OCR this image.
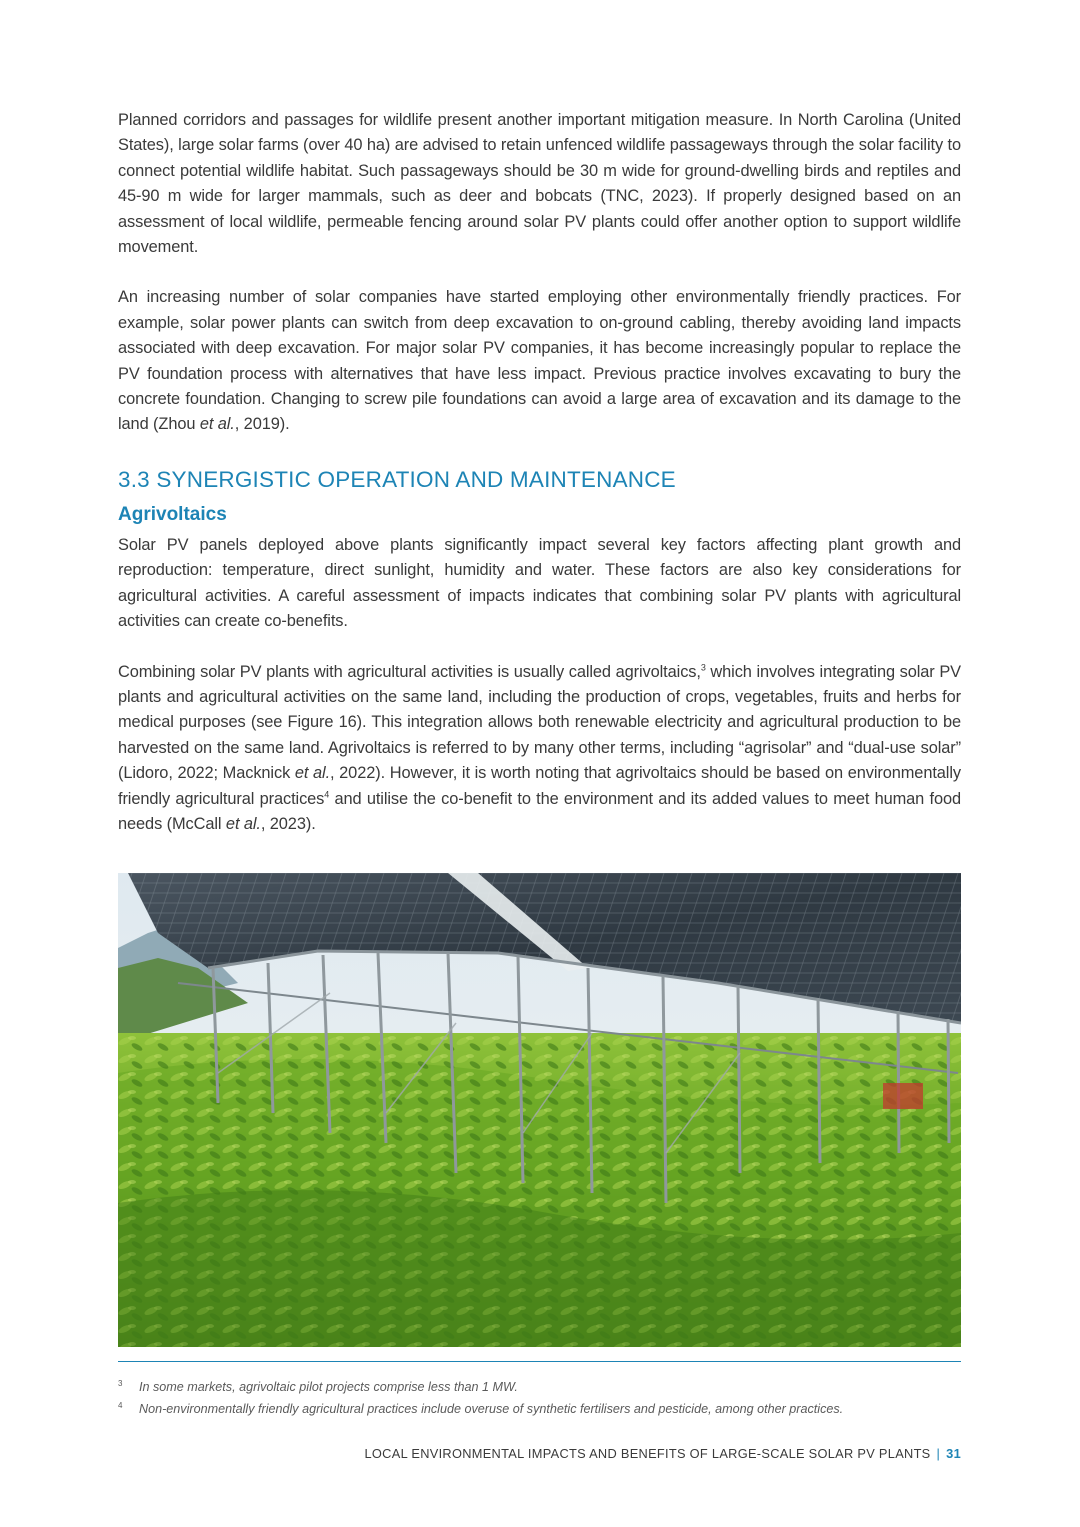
Planned corridors and passages for wildlife present another important mitigation measure. In North Carolina (United States), large solar farms (over 40 ha) are advised to retain unfenced wildlife passageways through the solar facility to connect potential wildlife habitat. Such passageways should be 30 m wide for ground-dwelling birds and reptiles and 45-90 m wide for larger mammals, such as deer and bobcats (TNC, 2023). If properly designed based on an assessment of local wildlife, permeable fencing around solar PV plants could offer another option to support wildlife movement.

An increasing number of solar companies have started employing other environmentally friendly practices. For example, solar power plants can switch from deep excavation to on-ground cabling, thereby avoiding land impacts associated with deep excavation. For major solar PV companies, it has become increasingly popular to replace the PV foundation process with alternatives that have less impact. Previous practice involves excavating to bury the concrete foundation. Changing to screw pile foundations can avoid a large area of excavation and its damage to the land (Zhou et al., 2019).

3.3 SYNERGISTIC OPERATION AND MAINTENANCE
Agrivoltaics

Solar PV panels deployed above plants significantly impact several key factors affecting plant growth and reproduction: temperature, direct sunlight, humidity and water. These factors are also key considerations for agricultural activities. A careful assessment of impacts indicates that combining solar PV plants with agricultural activities can create co-benefits.

Combining solar PV plants with agricultural activities is usually called agrivoltaics,$^3$ which involves integrating solar PV plants and agricultural activities on the same land, including the production of crops, vegetables, fruits and herbs for medical purposes (see Figure 16). This integration allows both renewable electricity and agricultural production to be harvested on the same land. Agrivoltaics is referred to by many other terms, including “agrisolar” and “dual-use solar” (Lidoro, 2022; Macknick et al., 2022). However, it is worth noting that agrivoltaics should be based on environmentally friendly agricultural practices$^4$ and utilise the co-benefit to the environment and its added values to meet human food needs (McCall et al., 2023).

3 In some markets, agrivoltaic pilot projects comprise less than 1 MW.
4 Non-environmentally friendly agricultural practices include overuse of synthetic fertilisers and pesticide, among other practices.
LOCAL ENVIRONMENTAL IMPACTS AND BENEFITS OF LARGE-SCALE SOLAR PV PLANTS | 31
